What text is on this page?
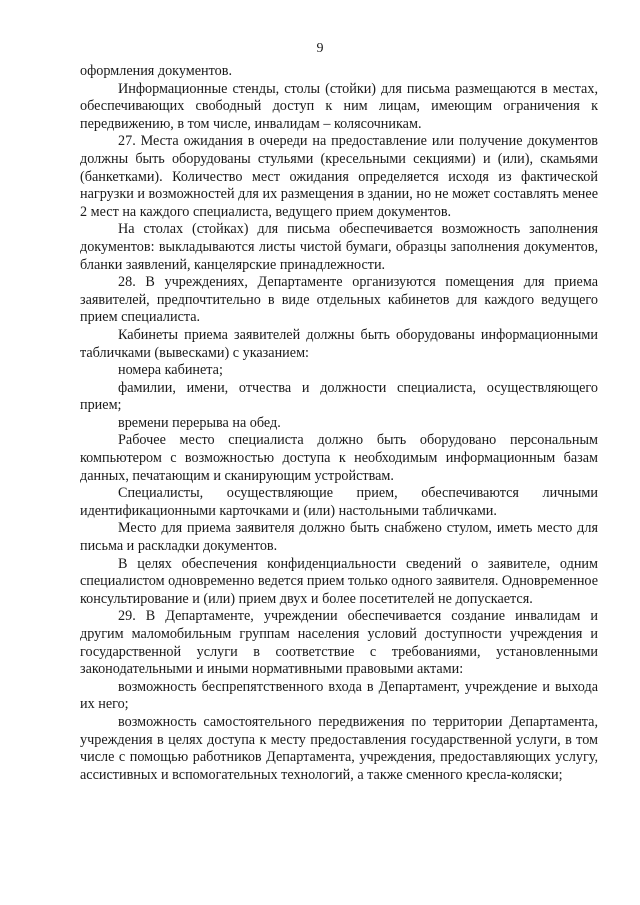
9

оформления документов.

Информационные стенды, столы (стойки) для письма размещаются в местах, обеспечивающих свободный доступ к ним лицам, имеющим ограничения к передвижению, в том числе, инвалидам – колясочникам.

27. Места ожидания в очереди на предоставление или получение документов должны быть оборудованы стульями (кресельными секциями) и (или), скамьями (банкетками). Количество мест ожидания определяется исходя из фактической нагрузки и возможностей для их размещения в здании, но не может составлять менее 2 мест на каждого специалиста, ведущего прием документов.

На столах (стойках) для письма обеспечивается возможность заполнения документов: выкладываются листы чистой бумаги, образцы заполнения документов, бланки заявлений, канцелярские принадлежности.

28. В учреждениях, Департаменте организуются помещения для приема заявителей, предпочтительно в виде отдельных кабинетов для каждого ведущего прием специалиста.

Кабинеты приема заявителей должны быть оборудованы информационными табличками (вывесками) с указанием:

номера кабинета;

фамилии, имени, отчества и должности специалиста, осуществляющего прием;

времени перерыва на обед.

Рабочее место специалиста должно быть оборудовано персональным компьютером с возможностью доступа к необходимым информационным базам данных, печатающим и сканирующим устройствам.

Специалисты, осуществляющие прием, обеспечиваются личными идентификационными карточками и (или) настольными табличками.

Место для приема заявителя должно быть снабжено стулом, иметь место для письма и раскладки документов.

В целях обеспечения конфиденциальности сведений о заявителе, одним специалистом одновременно ведется прием только одного заявителя. Одновременное консультирование и (или) прием двух и более посетителей не допускается.

29. В Департаменте, учреждении обеспечивается создание инвалидам и другим маломобильным группам населения условий доступности учреждения и государственной услуги в соответствие с требованиями, установленными законодательными и иными нормативными правовыми актами:

возможность беспрепятственного входа в Департамент, учреждение и выхода их него;

возможность самостоятельного передвижения по территории Департамента, учреждения в целях доступа к месту предоставления государственной услуги, в том числе с помощью работников Департамента, учреждения, предоставляющих услугу, ассистивных и вспомогательных технологий, а также сменного кресла-коляски;
